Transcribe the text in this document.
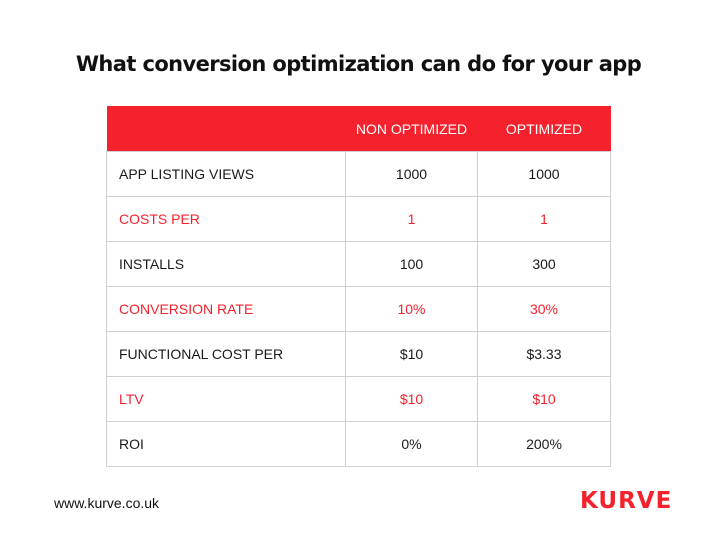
What conversion optimization can do for your app
	NON OPTIMIZED	OPTIMIZED
APP LISTING VIEWS	1000	1000
COSTS PER	1	1
INSTALLS	100	300
CONVERSION RATE	10%	30%
FUNCTIONAL COST PER	$10	$3.33
LTV	$10	$10
ROI	0%	200%
www.kurve.co.uk	KURVE
